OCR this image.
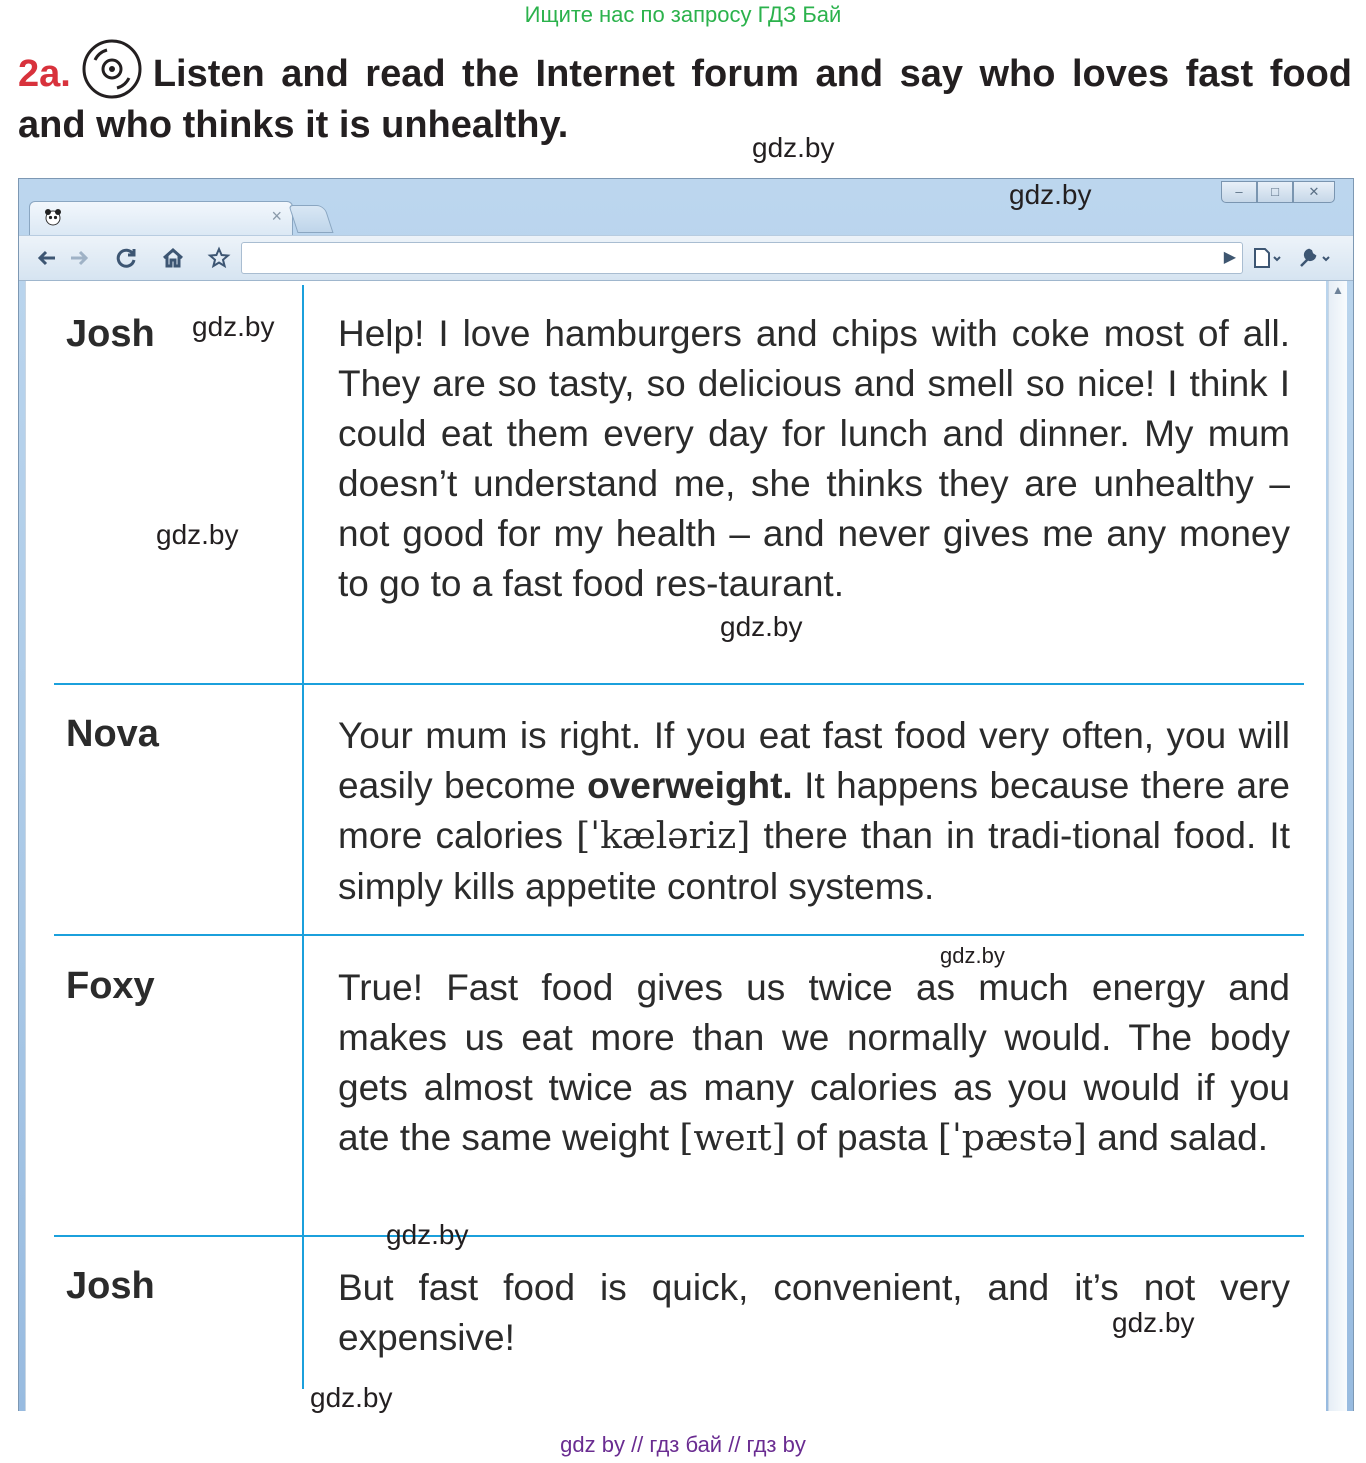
Ищите нас по запросу ГДЗ Бай
2a. Listen and read the Internet forum and say who loves fast food and who thinks it is unhealthy.
gdz.by
×
gdz.by	–	□	✕
▶
Josh	Help! I love hamburgers and chips with coke most of all. They are so tasty, so delicious and smell so nice! I think I could eat them every day for lunch and dinner. My mum doesn’t understand me, she thinks they are unhealthy – not good for my health – and never gives me any money to go to a fast food res-taurant.
gdz.by
gdz.by
gdz.by
Nova	Your mum is right. If you eat fast food very often, you will easily become overweight. It happens because there are more calories [ˈkæləriz] there than in tradi-tional food. It simply kills appetite control systems.
gdz.by
Foxy	True! Fast food gives us twice as much energy and makes us eat more than we normally would. The body gets almost twice as many calories as you would if you ate the same weight [weɪt] of pasta [ˈpæstə] and salad.
gdz.by
Josh	But fast food is quick, convenient, and it’s not very expensive!	gdz.by
▲
gdz.by
gdz by // гдз бай // гдз by
